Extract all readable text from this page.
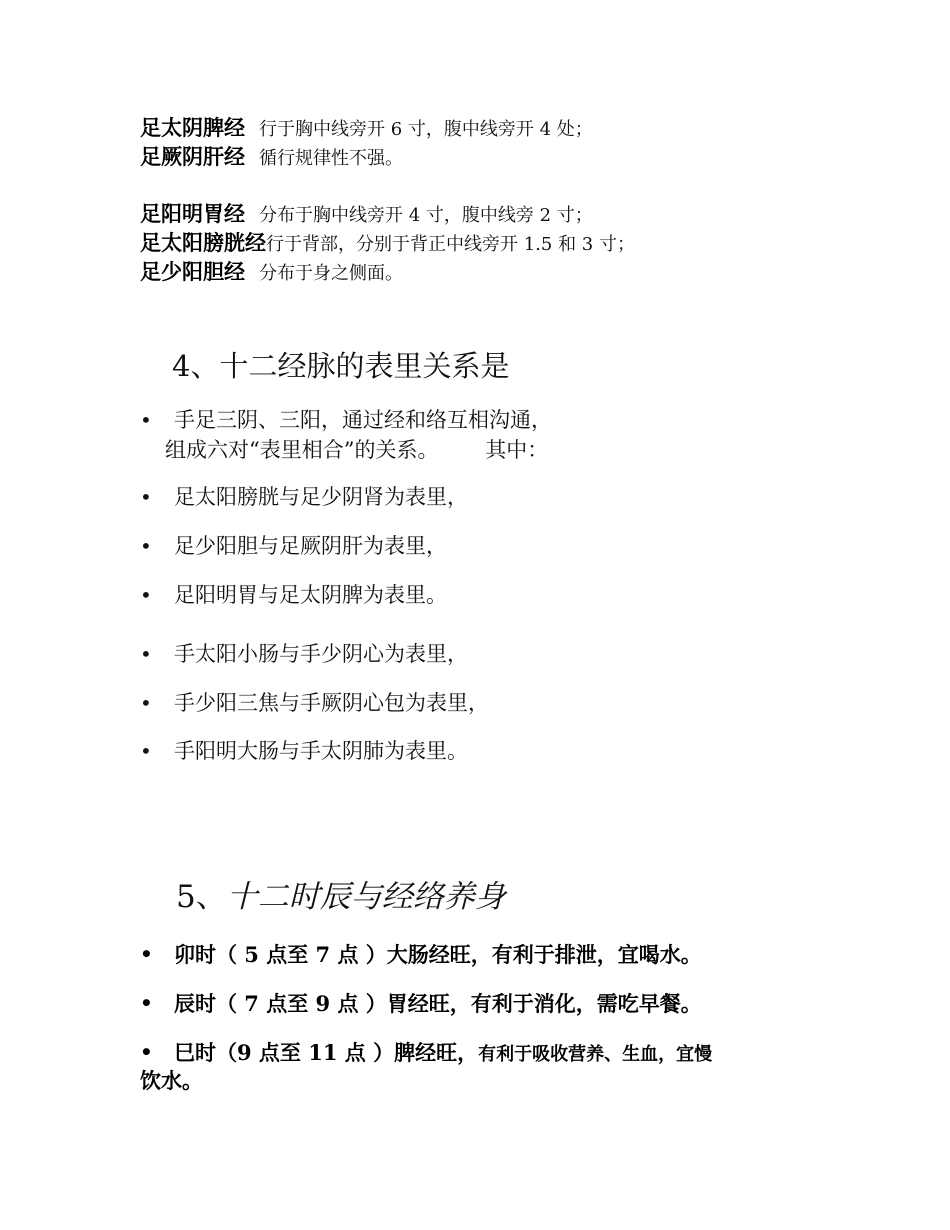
足太阴脾经 行于胸中线旁开 6 寸，腹中线旁开 4 处；
足厥阴肝经 循行规律性不强。
足阳明胃经 分布于胸中线旁开 4 寸，腹中线旁 2 寸；
足太阳膀胱经行于背部，分别于背正中线旁开 1.5 和 3 寸；
足少阳胆经 分布于身之侧面。
4、十二经脉的表里关系是
• 手足三阴、三阳，通过经和络互相沟通，
组成六对“表里相合”的关系。       其中：
• 足太阳膀胱与足少阴肾为表里，
• 足少阳胆与足厥阴肝为表里，
• 足阳明胃与足太阴脾为表里。
• 手太阳小肠与手少阴心为表里，
• 手少阳三焦与手厥阴心包为表里，
• 手阳明大肠与手太阴肺为表里。
5、十二时辰与经络养身
• 卯时（ 5 点至 7 点 ）大肠经旺，有利于排泄，宜喝水。
• 辰时（ 7 点至 9 点 ）胃经旺，有利于消化，需吃早餐。
• 巳时（9 点至 11 点 ）脾经旺，有利于吸收营养、生血，宜慢
饮水。
